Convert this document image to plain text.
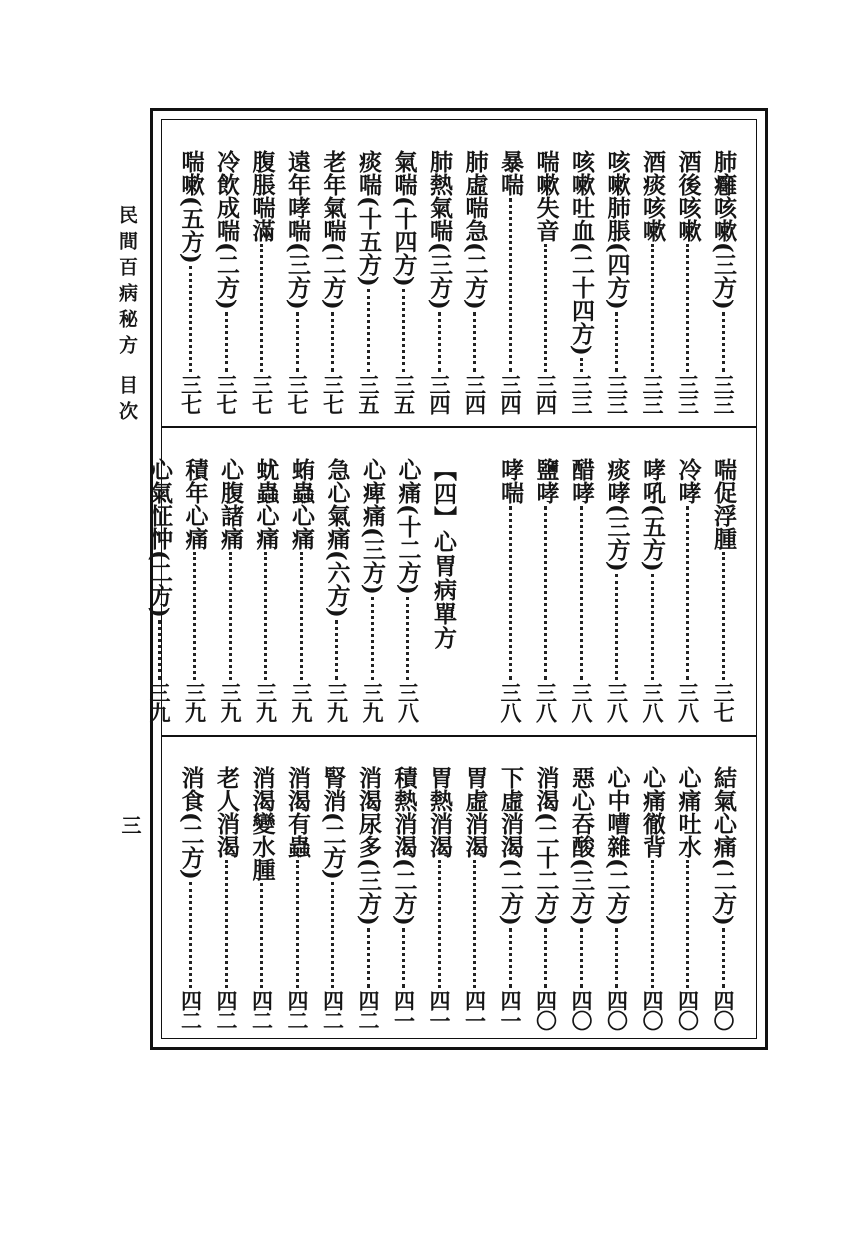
民間百病秘方目次
三
肺癰咳嗽(三方)
三三
酒後咳嗽
三三
酒痰咳嗽
三三
咳嗽肺脹(四方)
三三
咳嗽吐血(二十四方)
三三
喘嗽失音
三四
暴喘
三四
肺虛喘急(二方)
三四
肺熱氣喘(三方)
三四
氣喘(十四方)
三五
痰喘(十五方)
三五
老年氣喘(二方)
三七
遠年哮喘(三方)
三七
腹脹喘滿
三七
冷飲成喘(二方)
三七
喘嗽(五方)
三七
喘促浮腫
三七
冷哮
三八
哮吼(五方)
三八
痰哮(三方)
三八
醋哮
三八
鹽哮
三八
哮喘
三八
【四】心胃病單方
心痛(十二方)
三八
心痺痛(三方)
三九
急心氣痛(六方)
三九
蛕蟲心痛
三九
蚘蟲心痛
三九
心腹諸痛
三九
積年心痛
三九
心氣怔忡(二方)
三九
結氣心痛(二方)
四〇
心痛吐水
四〇
心痛徹背
四〇
心中嘈雜(二方)
四〇
惡心吞酸(三方)
四〇
消渴(二十二方)
四〇
下虛消渴(二方)
四一
胃虛消渴
四一
胃熱消渴
四一
積熱消渴(二方)
四一
消渴尿多(三方)
四二
腎消(二方)
四二
消渴有蟲
四二
消渴變水腫
四二
老人消渴
四二
消食(二方)
四二
